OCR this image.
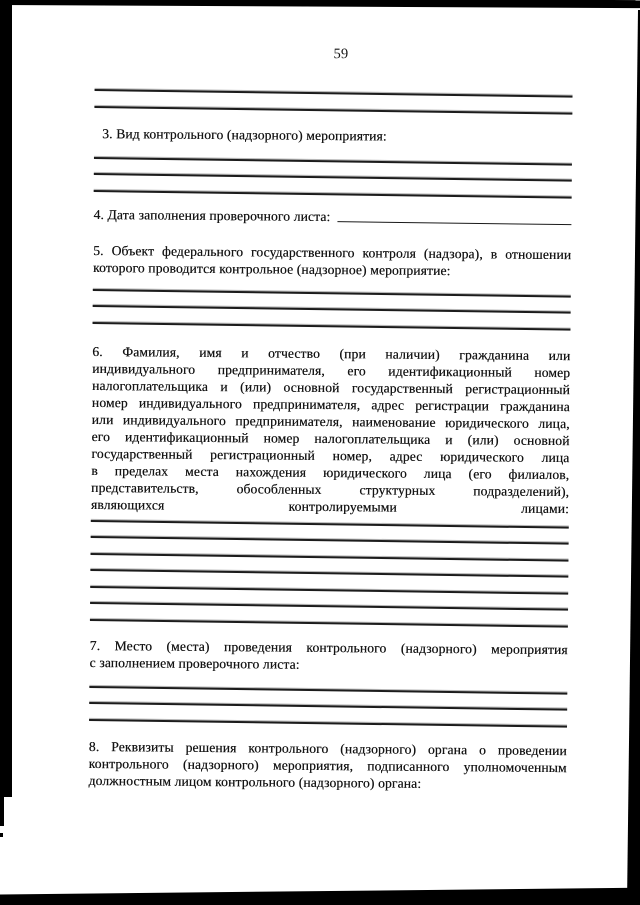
59
3. Вид контрольного (надзорного) мероприятия:
4. Дата заполнения проверочного листа:
5. Объект федерального государственного контроля (надзора), в отношении
которого проводится контрольное (надзорное) мероприятие:
6. Фамилия, имя и отчество (при наличии) гражданина или
индивидуального предпринимателя, его идентификационный номер
налогоплательщика и (или) основной государственный регистрационный
номер индивидуального предпринимателя, адрес регистрации гражданина
или индивидуального предпринимателя, наименование юридического лица,
его идентификационный номер налогоплательщика и (или) основной
государственный регистрационный номер, адрес юридического лица
в пределах места нахождения юридического лица (его филиалов,
представительств, обособленных структурных подразделений),
являющихся контролируемыми лицами:
7. Место (места) проведения контрольного (надзорного) мероприятия
с заполнением проверочного листа:
8. Реквизиты решения контрольного (надзорного) органа о проведении
контрольного (надзорного) мероприятия, подписанного уполномоченным
должностным лицом контрольного (надзорного) органа:
